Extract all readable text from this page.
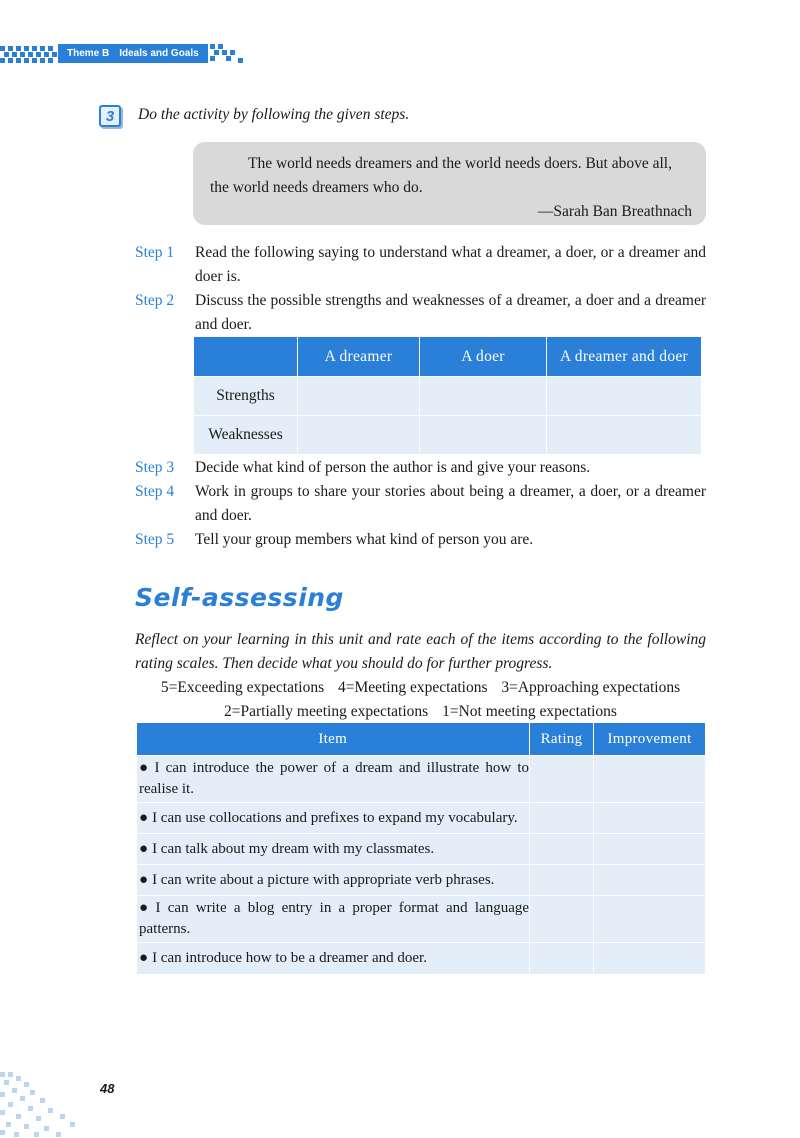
Theme B Ideals and Goals
3	Do the activity by following the given steps.
The world needs dreamers and the world needs doers. But above all,
the world needs dreamers who do.
—Sarah Ban Breathnach
Step 1	Read the following saying to understand what a dreamer, a doer, or a dreamer and doer is.
Step 2	Discuss the possible strengths and weaknesses of a dreamer, a doer and a dreamer and doer.
Step 3	Decide what kind of person the author is and give your reasons.
Step 4	Work in groups to share your stories about being a dreamer, a doer, or a dreamer and doer.
Step 5	Tell your group members what kind of person you are.
	A dreamer	A doer	A dreamer and doer
Strengths			
Weaknesses			
Self-assessing
Reflect on your learning in this unit and rate each of the items according to the following rating scales. Then decide what you should do for further progress.
5=Exceeding expectations 4=Meeting expectations 3=Approaching expectations
2=Partially meeting expectations 1=Not meeting expectations
Item	Rating	Improvement
● I can introduce the power of a dream and illustrate how to realise it.		
● I can use collocations and prefixes to expand my vocabulary.		
● I can talk about my dream with my classmates.		
● I can write about a picture with appropriate verb phrases.		
● I can write a blog entry in a proper format and language patterns.		
● I can introduce how to be a dreamer and doer.		
48
